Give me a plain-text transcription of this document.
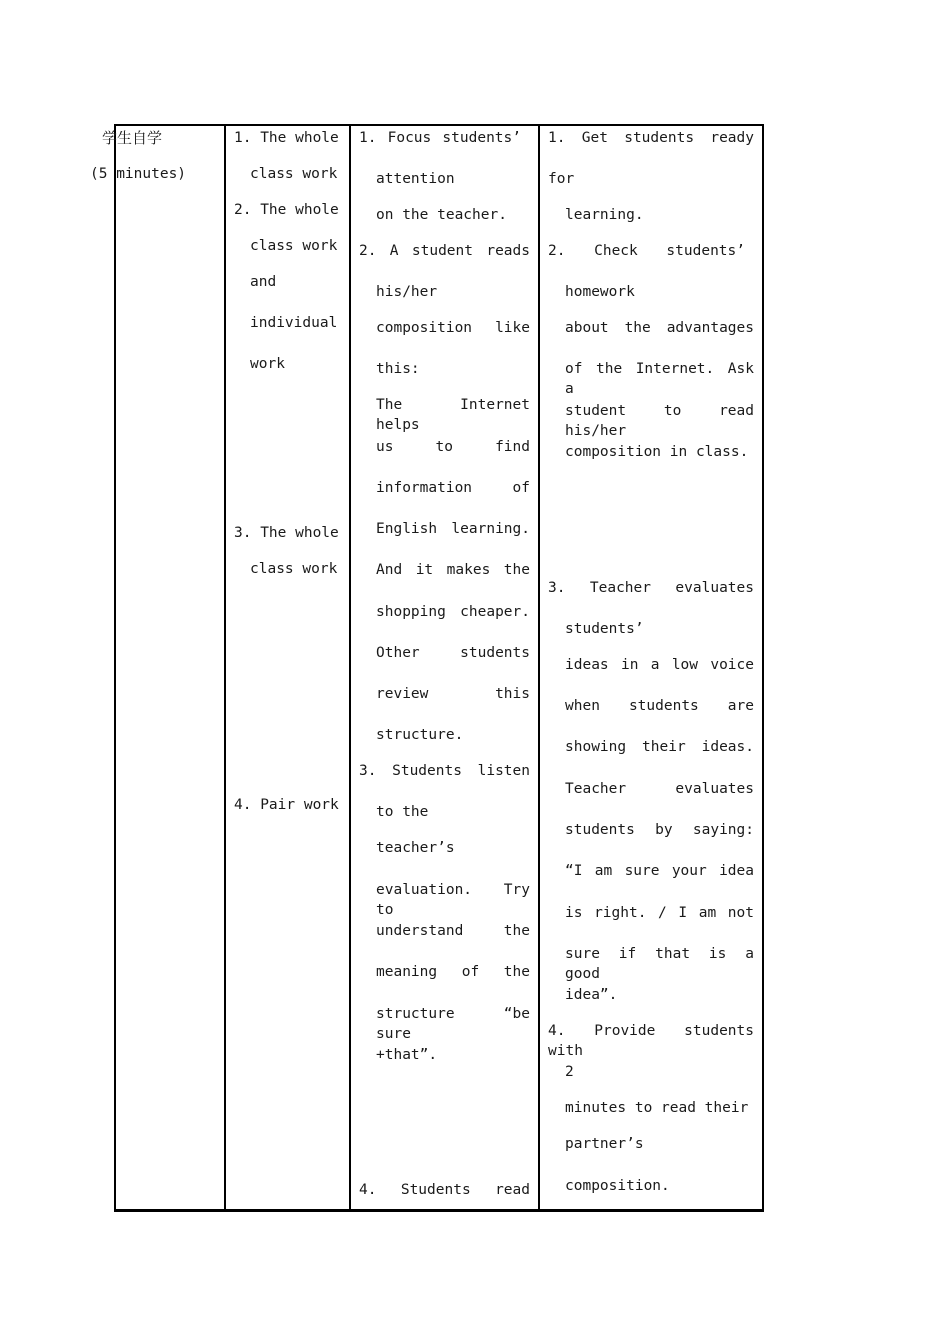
学生自学
(5 minutes)
1. The whole
class work
2. The whole
class work
and
individual
work
3. The whole
class work
4. Pair work
1. Focus students’
attention
on the teacher.
2. A student reads
his/her
composition like
this:
The Internet helps
us to find
information of
English learning.
And it makes the
shopping cheaper.
Other students
review this
structure.
3. Students listen
to the
teacher’s
evaluation. Try to
understand the
meaning of the
structure “be sure
+that”.
4. Students read
1. Get students ready
for
learning.
2. Check students’
homework
about the advantages
of the Internet. Ask a
student to read his/her
composition in class.
3. Teacher evaluates
students’
ideas in a low voice
when students are
showing their ideas.
Teacher evaluates
students by saying:
“I am sure your idea
is right. / I am not
sure if that is a good
idea”.
4. Provide students with
2
minutes to read their
partner’s
composition.
